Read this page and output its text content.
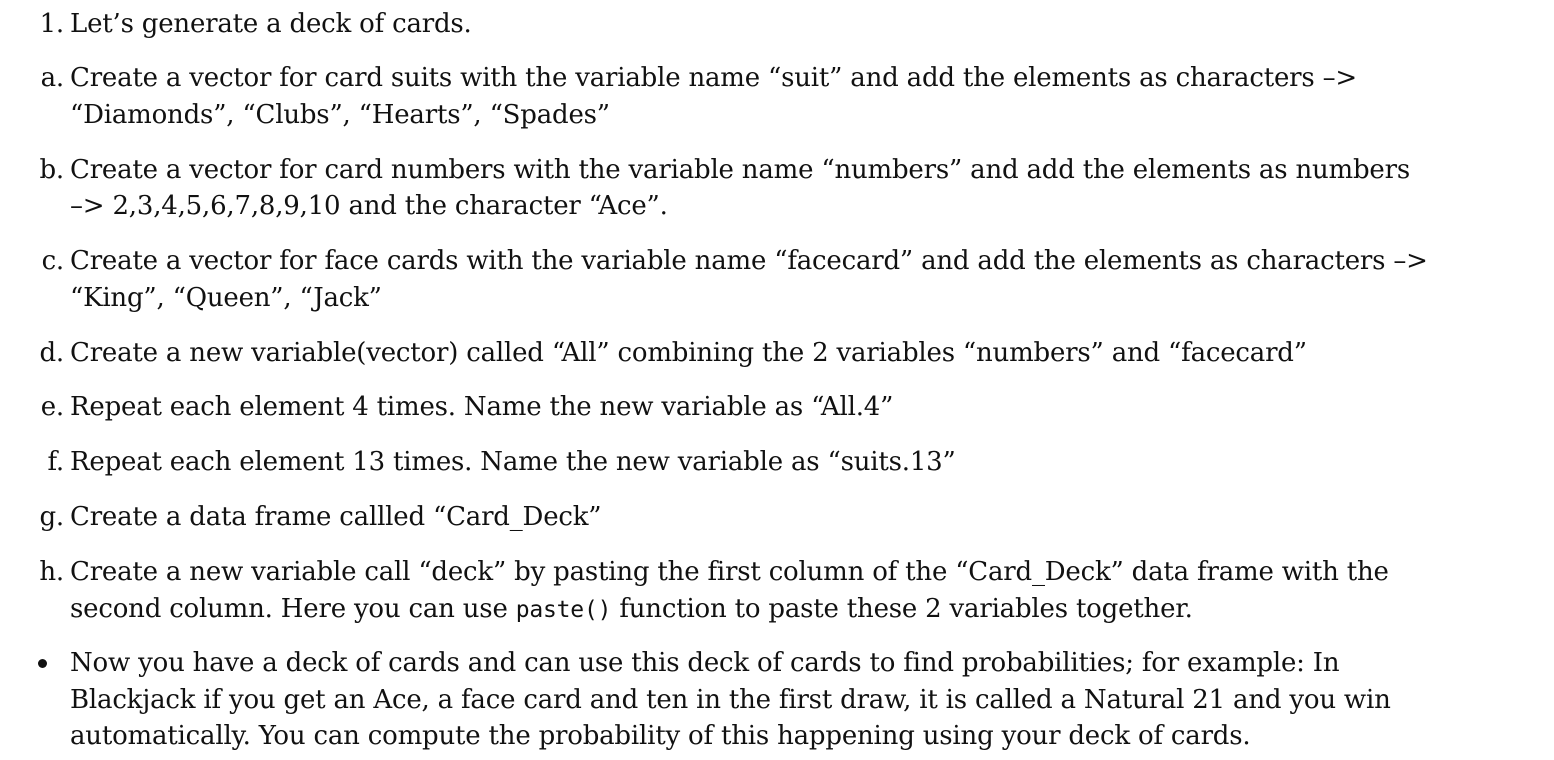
1. Let’s generate a deck of cards.
a. Create a vector for card suits with the variable name “suit” and add the elements as characters –>
“Diamonds”, “Clubs”, “Hearts”, “Spades”
b. Create a vector for card numbers with the variable name “numbers” and add the elements as numbers
–> 2,3,4,5,6,7,8,9,10 and the character “Ace”.
c. Create a vector for face cards with the variable name “facecard” and add the elements as characters –>
“King”, “Queen”, “Jack”
d. Create a new variable(vector) called “All” combining the 2 variables “numbers” and “facecard”
e. Repeat each element 4 times. Name the new variable as “All.4”
f. Repeat each element 13 times. Name the new variable as “suits.13”
g. Create a data frame callled “Card_Deck”
h. Create a new variable call “deck” by pasting the first column of the “Card_Deck” data frame with the
second column. Here you can use paste() function to paste these 2 variables together.
Now you have a deck of cards and can use this deck of cards to find probabilities; for example: In
Blackjack if you get an Ace, a face card and ten in the first draw, it is called a Natural 21 and you win
automatically. You can compute the probability of this happening using your deck of cards.
